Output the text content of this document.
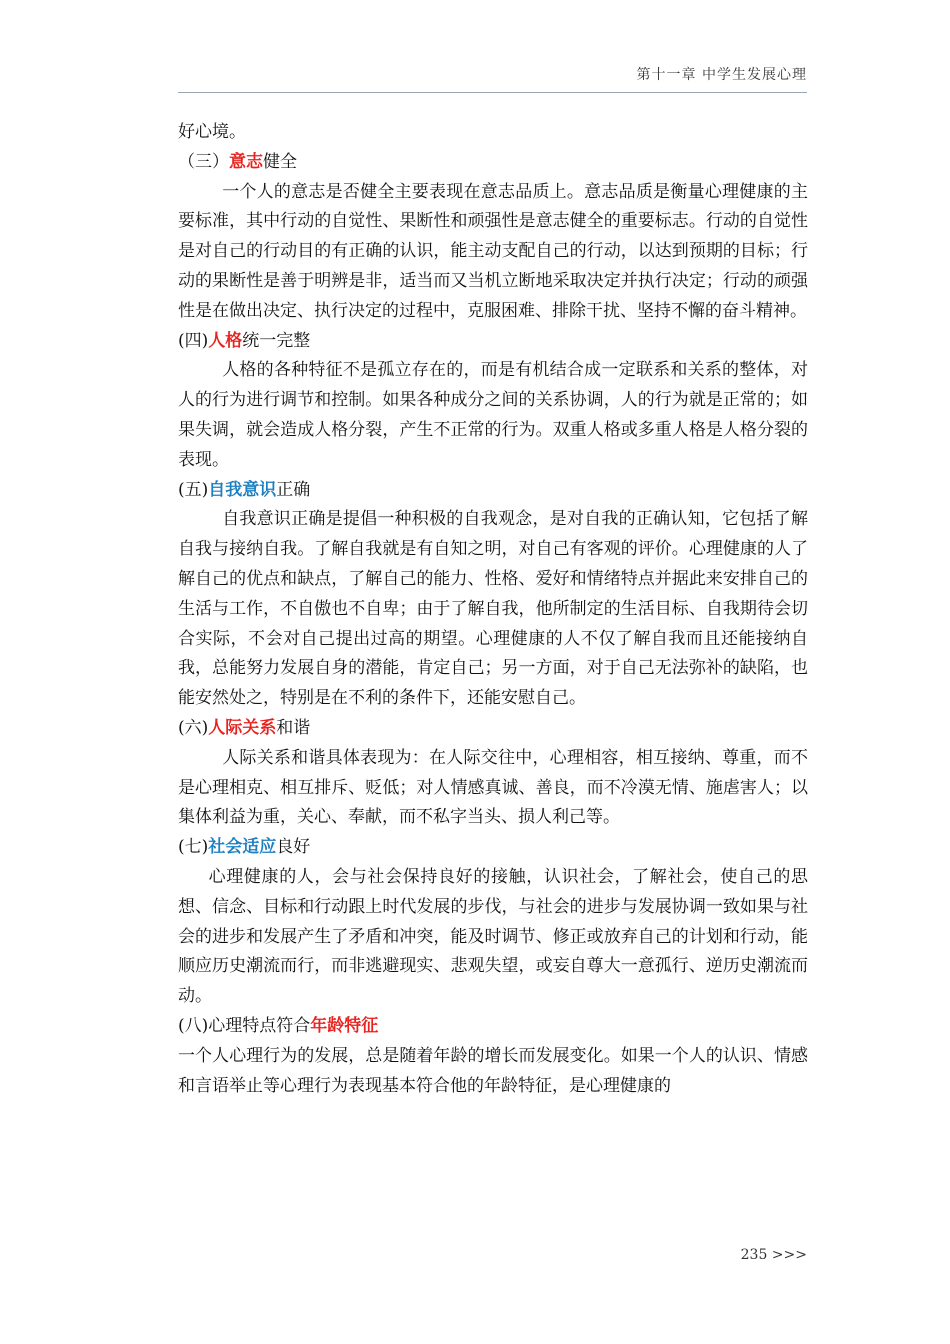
第十一章 中学生发展心理

好心境。

（三）意志健全

一个人的意志是否健全主要表现在意志品质上。意志品质是衡量心理健康的主要标准，其中行动的自觉性、果断性和顽强性是意志健全的重要标志。行动的自觉性是对自己的行动目的有正确的认识，能主动支配自己的行动，以达到预期的目标；行动的果断性是善于明辨是非，适当而又当机立断地采取决定并执行决定；行动的顽强性是在做出决定、执行决定的过程中，克服困难、排除干扰、坚持不懈的奋斗精神。

(四)人格统一完整

人格的各种特征不是孤立存在的，而是有机结合成一定联系和关系的整体，对人的行为进行调节和控制。如果各种成分之间的关系协调，人的行为就是正常的；如果失调，就会造成人格分裂，产生不正常的行为。双重人格或多重人格是人格分裂的表现。

(五)自我意识正确

自我意识正确是提倡一种积极的自我观念，是对自我的正确认知，它包括了解自我与接纳自我。了解自我就是有自知之明，对自己有客观的评价。心理健康的人了解自己的优点和缺点，了解自己的能力、性格、爱好和情绪特点并据此来安排自己的生活与工作，不自傲也不自卑；由于了解自我，他所制定的生活目标、自我期待会切合实际，不会对自己提出过高的期望。心理健康的人不仅了解自我而且还能接纳自我，总能努力发展自身的潜能，肯定自己；另一方面，对于自己无法弥补的缺陷，也能安然处之，特别是在不利的条件下，还能安慰自己。

(六)人际关系和谐

人际关系和谐具体表现为：在人际交往中，心理相容，相互接纳、尊重，而不是心理相克、相互排斥、贬低；对人情感真诚、善良，而不冷漠无情、施虐害人；以集体利益为重，关心、奉献，而不私字当头、损人利己等。

(七)社会适应良好

心理健康的人，会与社会保持良好的接触，认识社会，了解社会，使自己的思想、信念、目标和行动跟上时代发展的步伐，与社会的进步与发展协调一致如果与社会的进步和发展产生了矛盾和冲突，能及时调节、修正或放弃自己的计划和行动，能顺应历史潮流而行，而非逃避现实、悲观失望，或妄自尊大一意孤行、逆历史潮流而动。

(八)心理特点符合年龄特征

一个人心理行为的发展，总是随着年龄的增长而发展变化。如果一个人的认识、情感和言语举止等心理行为表现基本符合他的年龄特征，是心理健康的

235 >>>
